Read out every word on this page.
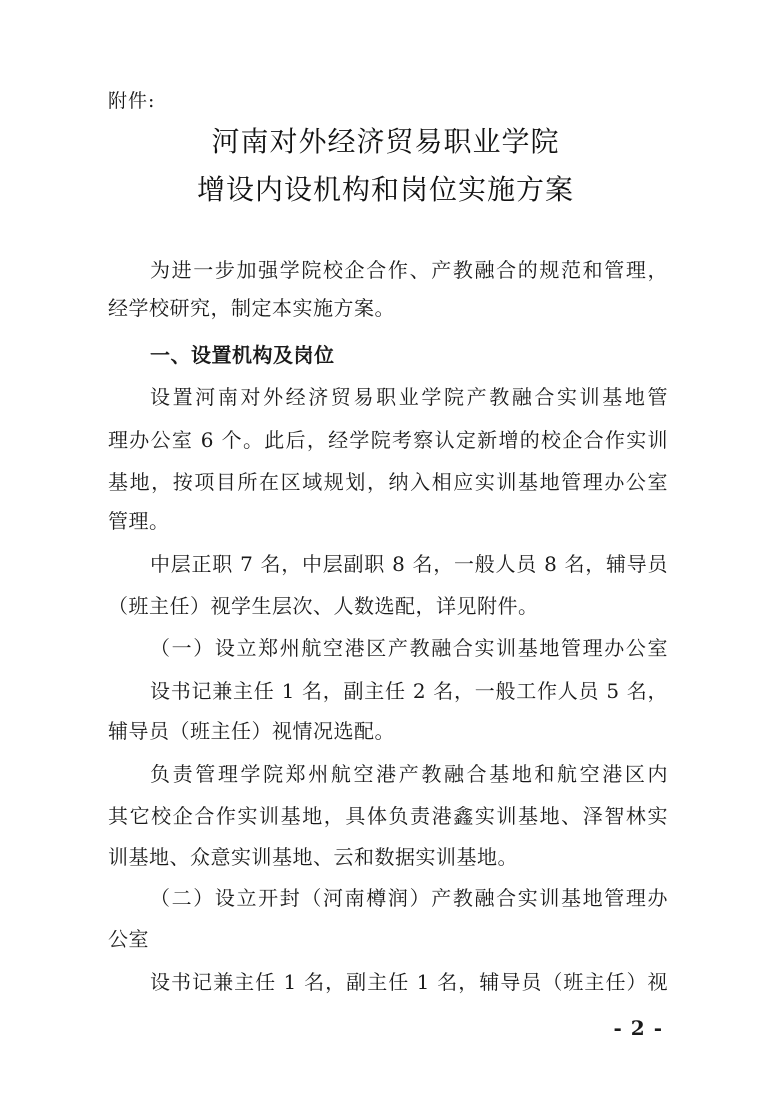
附件:
河南对外经济贸易职业学院
增设内设机构和岗位实施方案
为进一步加强学院校企合作、产教融合的规范和管理，
经学校研究，制定本实施方案。
一、设置机构及岗位
设置河南对外经济贸易职业学院产教融合实训基地管
理办公室 6 个。此后，经学院考察认定新增的校企合作实训
基地，按项目所在区域规划，纳入相应实训基地管理办公室
管理。
中层正职 7 名，中层副职 8 名，一般人员 8 名，辅导员
（班主任）视学生层次、人数选配，详见附件。
（一）设立郑州航空港区产教融合实训基地管理办公室
设书记兼主任 1 名，副主任 2 名，一般工作人员 5 名，
辅导员（班主任）视情况选配。
负责管理学院郑州航空港产教融合基地和航空港区内
其它校企合作实训基地，具体负责港鑫实训基地、泽智林实
训基地、众意实训基地、云和数据实训基地。
（二）设立开封（河南樽润）产教融合实训基地管理办
公室
设书记兼主任 1 名，副主任 1 名，辅导员（班主任）视
- 2 -
